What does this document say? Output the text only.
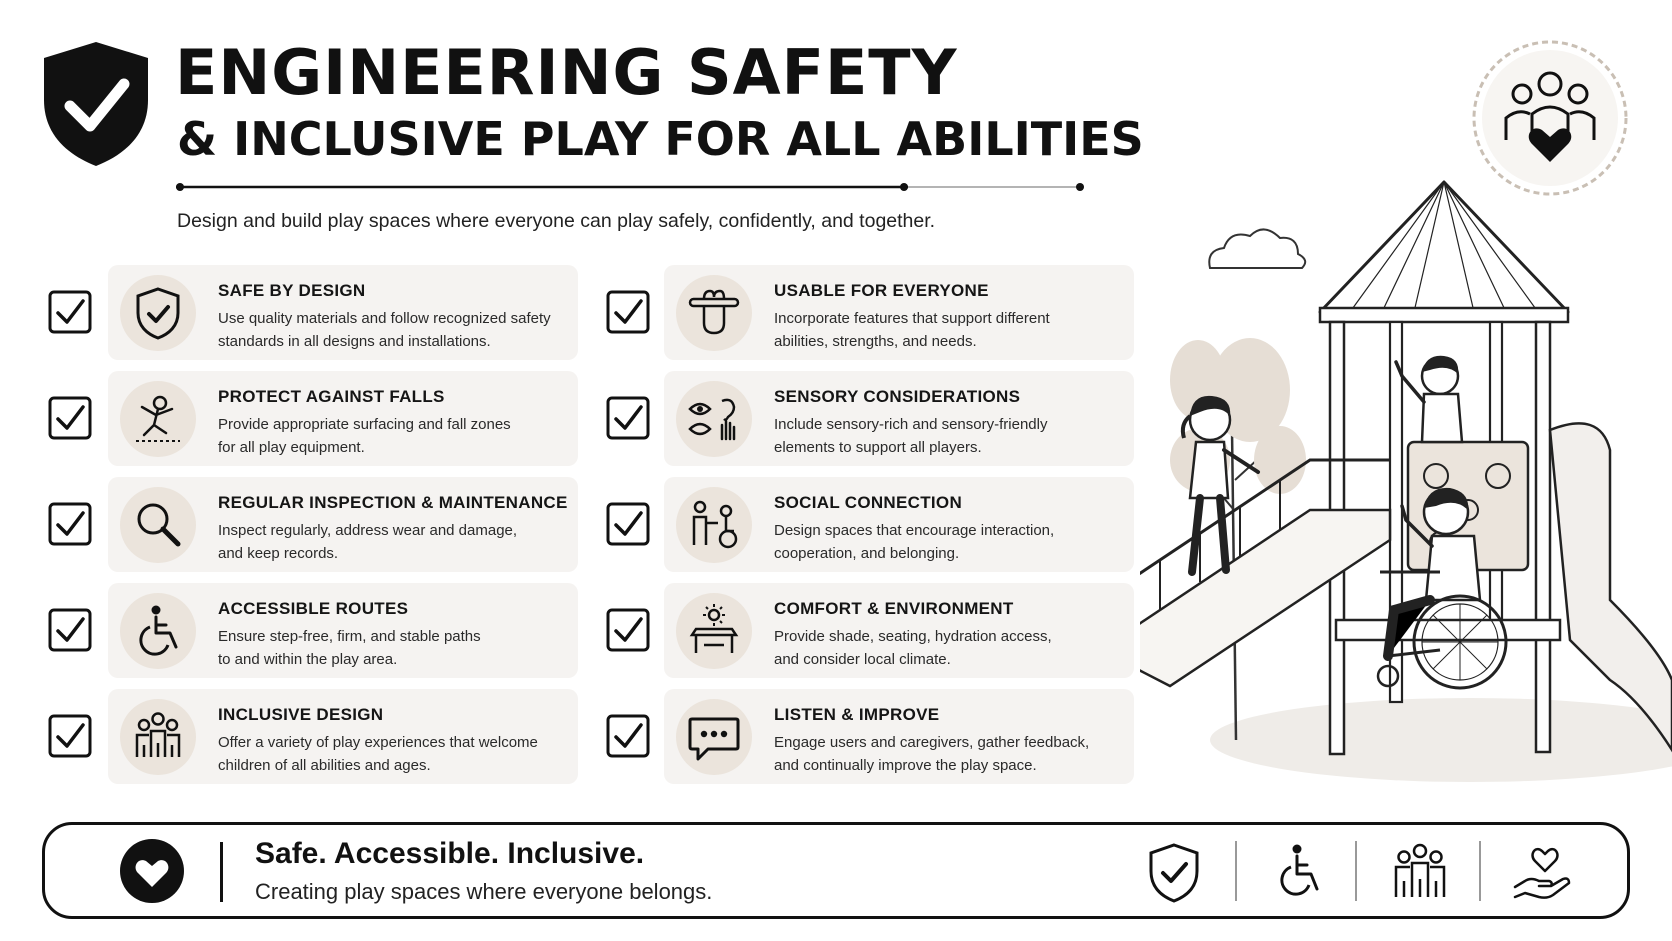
ENGINEERING SAFETY
& INCLUSIVE PLAY FOR ALL ABILITIES
Design and build play spaces where everyone can play safely, confidently, and together.
SAFE BY DESIGN
Use quality materials and follow recognized safety
standards in all designs and installations.
PROTECT AGAINST FALLS
Provide appropriate surfacing and fall zones
for all play equipment.
REGULAR INSPECTION & MAINTENANCE
Inspect regularly, address wear and damage,
and keep records.
ACCESSIBLE ROUTES
Ensure step-free, firm, and stable paths
to and within the play area.
INCLUSIVE DESIGN
Offer a variety of play experiences that welcome
children of all abilities and ages.
USABLE FOR EVERYONE
Incorporate features that support different
abilities, strengths, and needs.
SENSORY CONSIDERATIONS
Include sensory-rich and sensory-friendly
elements to support all players.
SOCIAL CONNECTION
Design spaces that encourage interaction,
cooperation, and belonging.
COMFORT & ENVIRONMENT
Provide shade, seating, hydration access,
and consider local climate.
LISTEN & IMPROVE
Engage users and caregivers, gather feedback,
and continually improve the play space.
Safe. Accessible. Inclusive.
Creating play spaces where everyone belongs.
